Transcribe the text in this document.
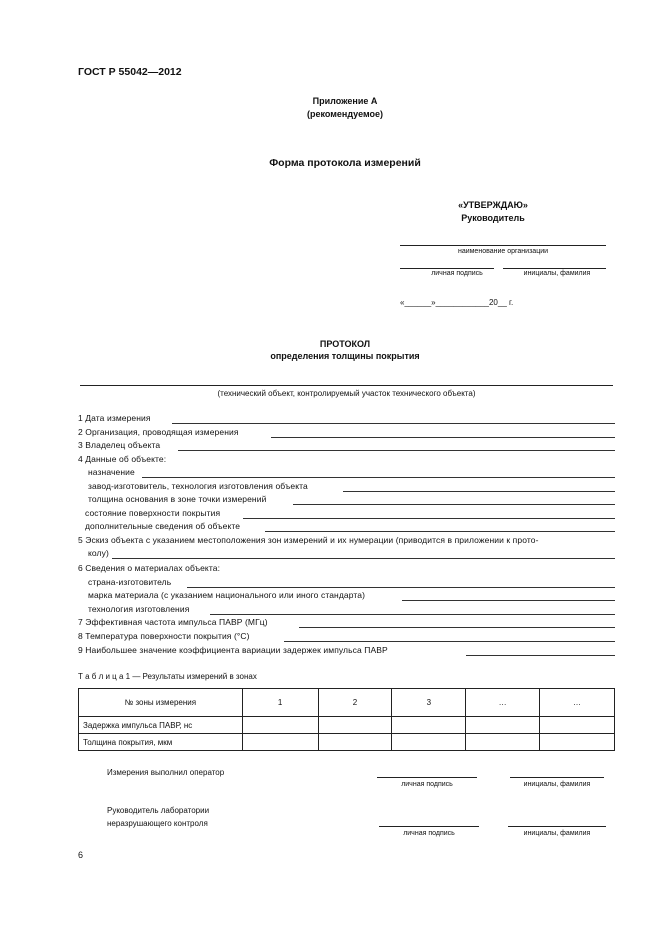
ГОСТ Р 55042—2012
Приложение А
(рекомендуемое)
Форма протокола измерений
«УТВЕРЖДАЮ»
Руководитель
наименование организации
личная подпись	инициалы, фамилия
«______»____________20__ г.
ПРОТОКОЛ
определения толщины покрытия
(технический объект, контролируемый участок технического объекта)
1 Дата измерения
2 Организация, проводящая измерения
3 Владелец объекта
4 Данные об объекте:
назначение
завод-изготовитель, технология изготовления объекта
толщина основания в зоне точки измерений
состояние поверхности покрытия
дополнительные сведения об объекте
5 Эскиз объекта с указанием местоположения зон измерений и их нумерации (приводится в приложении к прото-
колу)
6 Сведения о материалах объекта:
страна-изготовитель
марка материала (с указанием национального или иного стандарта)
технология изготовления
7 Эффективная частота импульса ПАВР (МГц)
8 Температура поверхности покрытия (°С)
9 Наибольшее значение коэффициента вариации задержек импульса ПАВР
Т а б л и ц а 1 — Результаты измерений в зонах
№ зоны измерения	1	2	3	…	…
Задержка импульса ПАВР, нс					
Толщина покрытия, мкм					
Измерения выполнил оператор
личная подпись	инициалы, фамилия
Руководитель лаборатории
неразрушающего контроля
личная подпись	инициалы, фамилия
6
